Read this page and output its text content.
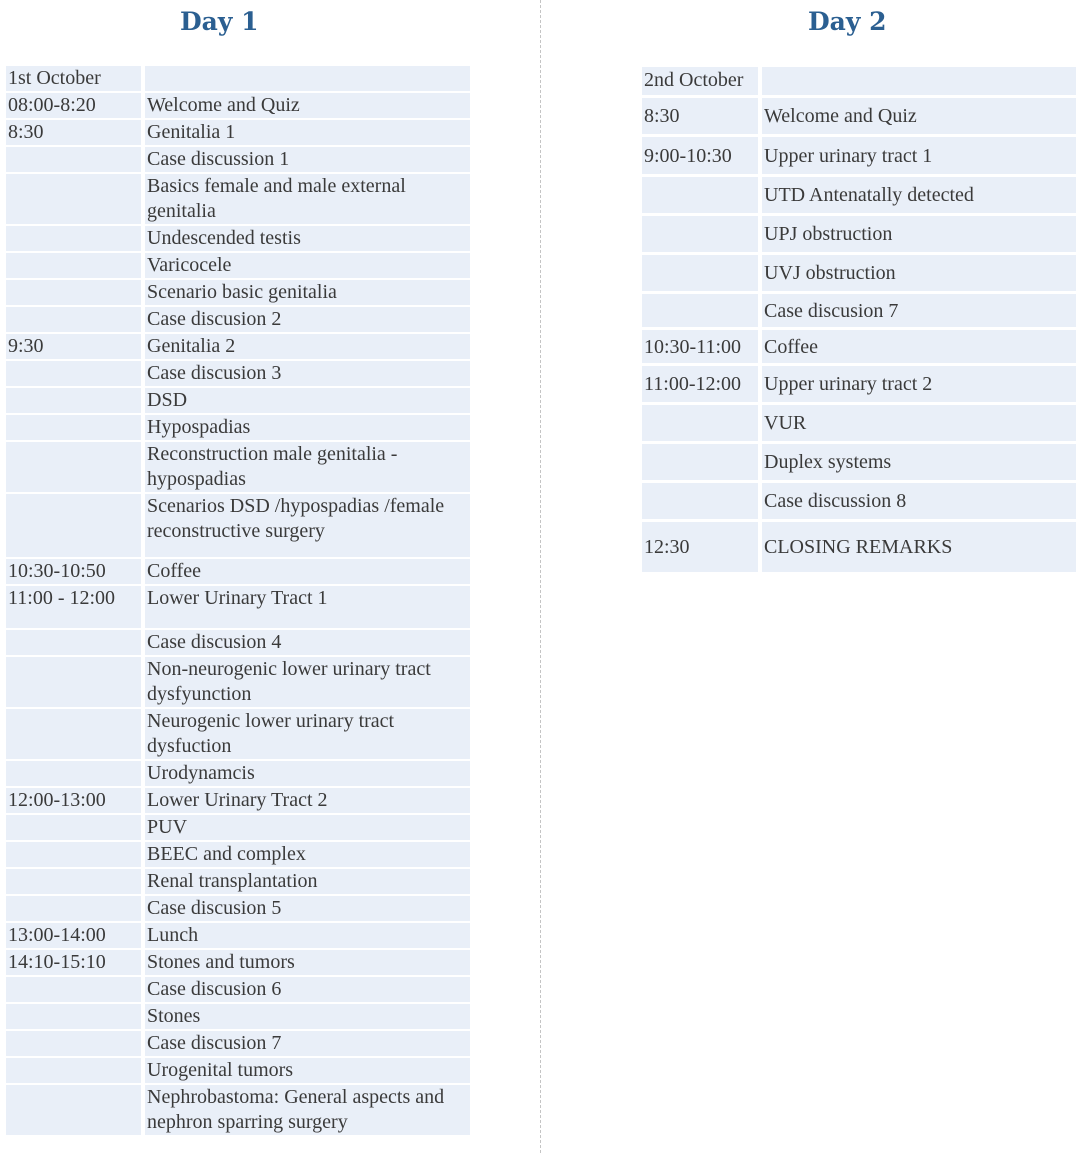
Day 1	Day 2
1st October		
08:00-8:20		Welcome and Quiz
8:30		Genitalia 1
		Case discussion 1
		Basics female and male external genitalia
		Undescended testis
		Varicocele
		Scenario basic genitalia
		Case discusion 2
9:30		Genitalia 2
		Case discusion 3
		DSD
		Hypospadias
		Reconstruction male genitalia - hypospadias
		Scenarios DSD /hypospadias /female reconstructive surgery
10:30-10:50		Coffee
11:00 - 12:00		Lower Urinary Tract 1
		Case discusion 4
		Non-neurogenic lower urinary tract dysfyunction
		Neurogenic lower urinary tract dysfuction
		Urodynamcis
12:00-13:00		Lower Urinary Tract 2
		PUV
		BEEC and complex
		Renal transplantation
		Case discusion 5
13:00-14:00		Lunch
14:10-15:10		Stones and tumors
		Case discusion 6
		Stones
		Case discusion 7
		Urogenital tumors
		Nephrobastoma: General aspects and nephron sparring surgery
2nd October		
8:30		Welcome and Quiz
9:00-10:30		Upper urinary tract 1
		UTD Antenatally detected
		UPJ obstruction
		UVJ obstruction
		Case discusion 7
10:30-11:00		Coffee
11:00-12:00		Upper urinary tract 2
		VUR
		Duplex systems
		Case discussion 8
12:30		CLOSING REMARKS
